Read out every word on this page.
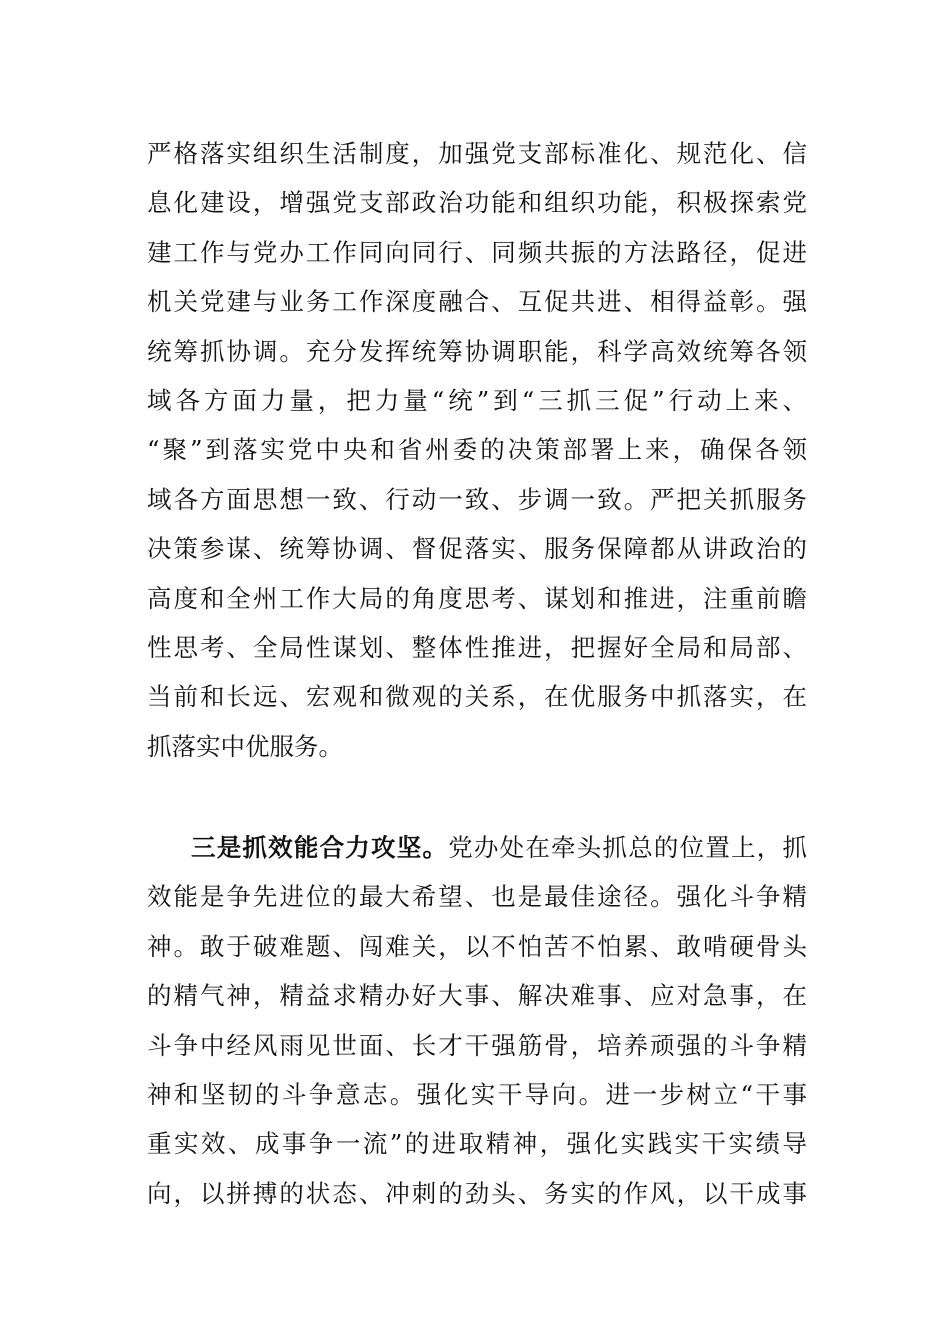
严格落实组织生活制度，加强党支部标准化、规范化、信
息化建设，增强党支部政治功能和组织功能，积极探索党
建工作与党办工作同向同行、同频共振的方法路径，促进
机关党建与业务工作深度融合、互促共进、相得益彰。强
统筹抓协调。充分发挥统筹协调职能，科学高效统筹各领
域各方面力量，把力量“统”到“三抓三促”行动上来、
“聚”到落实党中央和省州委的决策部署上来，确保各领
域各方面思想一致、行动一致、步调一致。严把关抓服务
决策参谋、统筹协调、督促落实、服务保障都从讲政治的
高度和全州工作大局的角度思考、谋划和推进，注重前瞻
性思考、全局性谋划、整体性推进，把握好全局和局部、
当前和长远、宏观和微观的关系，在优服务中抓落实，在
抓落实中优服务。
三是抓效能合力攻坚。党办处在牵头抓总的位置上，抓
效能是争先进位的最大希望、也是最佳途径。强化斗争精
神。敢于破难题、闯难关，以不怕苦不怕累、敢啃硬骨头
的精气神，精益求精办好大事、解决难事、应对急事，在
斗争中经风雨见世面、长才干强筋骨，培养顽强的斗争精
神和坚韧的斗争意志。强化实干导向。进一步树立“干事
重实效、成事争一流”的进取精神，强化实践实干实绩导
向，以拼搏的状态、冲刺的劲头、务实的作风，以干成事
